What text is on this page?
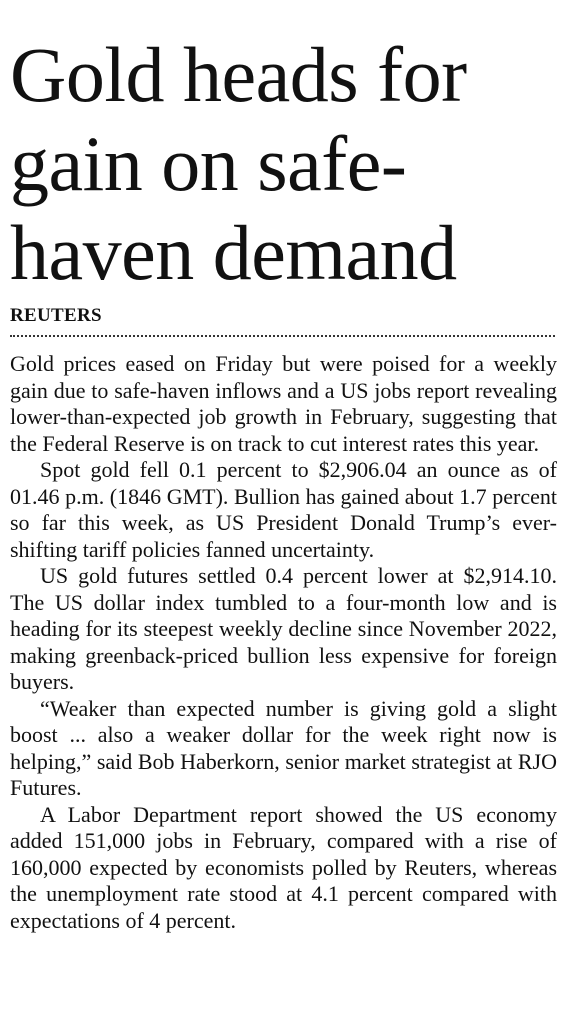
Gold heads for
gain on safe-
haven demand
REUTERS

Gold prices eased on Friday but were poised for a weekly gain due to safe-haven inflows and a US jobs report revealing lower-than-expected job growth in February, suggesting that the Federal Reserve is on track to cut interest rates this year.

Spot gold fell 0.1 percent to $2,906.04 an ounce as of 01.46 p.m. (1846 GMT). Bullion has gained about 1.7 percent so far this week, as US President Donald Trump’s ever-shifting tariff policies fanned uncertainty.

US gold futures settled 0.4 percent lower at $2,914.10. The US dollar index tumbled to a four-month low and is heading for its steepest weekly decline since November 2022, making greenback-priced bullion less expensive for foreign buyers.

“Weaker than expected number is giving gold a slight boost ... also a weaker dollar for the week right now is helping,” said Bob Haberkorn, senior market strategist at RJO Futures.

A Labor Department report showed the US economy added 151,000 jobs in February, compared with a rise of 160,000 expected by economists polled by Reuters, whereas the unemployment rate stood at 4.1 percent compared with expectations of 4 percent.
